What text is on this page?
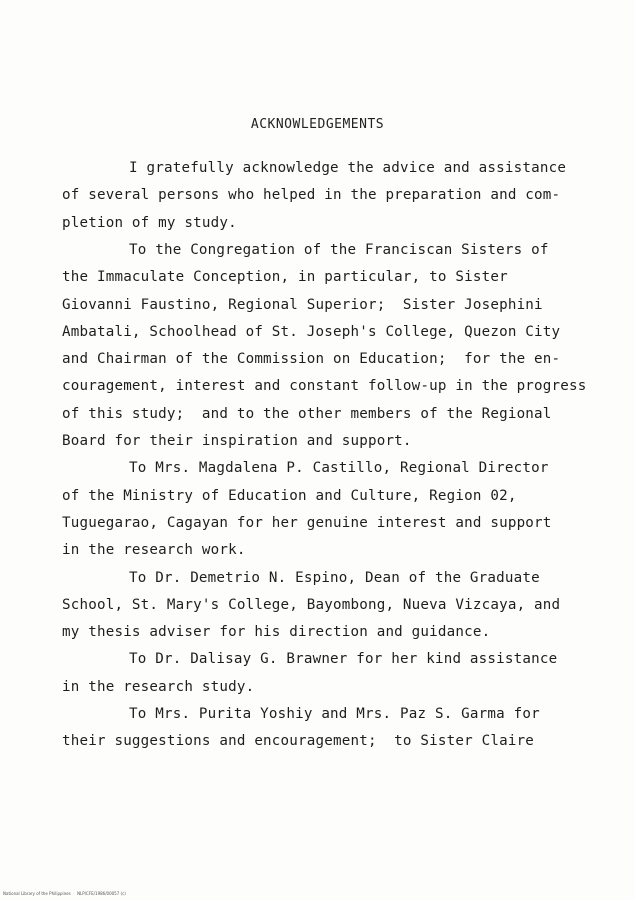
ACKNOWLEDGEMENTS
I gratefully acknowledge the advice and assistance
of several persons who helped in the preparation and com-
pletion of my study.
To the Congregation of the Franciscan Sisters of
the Immaculate Conception, in particular, to Sister
Giovanni Faustino, Regional Superior;  Sister Josephini
Ambatali, Schoolhead of St. Joseph's College, Quezon City
and Chairman of the Commission on Education;  for the en-
couragement, interest and constant follow-up in the progress
of this study;  and to the other members of the Regional
Board for their inspiration and support.
To Mrs. Magdalena P. Castillo, Regional Director
of the Ministry of Education and Culture, Region 02,
Tuguegarao, Cagayan for her genuine interest and support
in the research work.
To Dr. Demetrio N. Espino, Dean of the Graduate
School, St. Mary's College, Bayombong, Nueva Vizcaya, and
my thesis adviser for his direction and guidance.
To Dr. Dalisay G. Brawner for her kind assistance
in the research study.
To Mrs. Purita Yoshiy and Mrs. Paz S. Garma for
their suggestions and encouragement;  to Sister Claire
National Library of the Philippines     NLP/CFE/1986/00057 (c)
